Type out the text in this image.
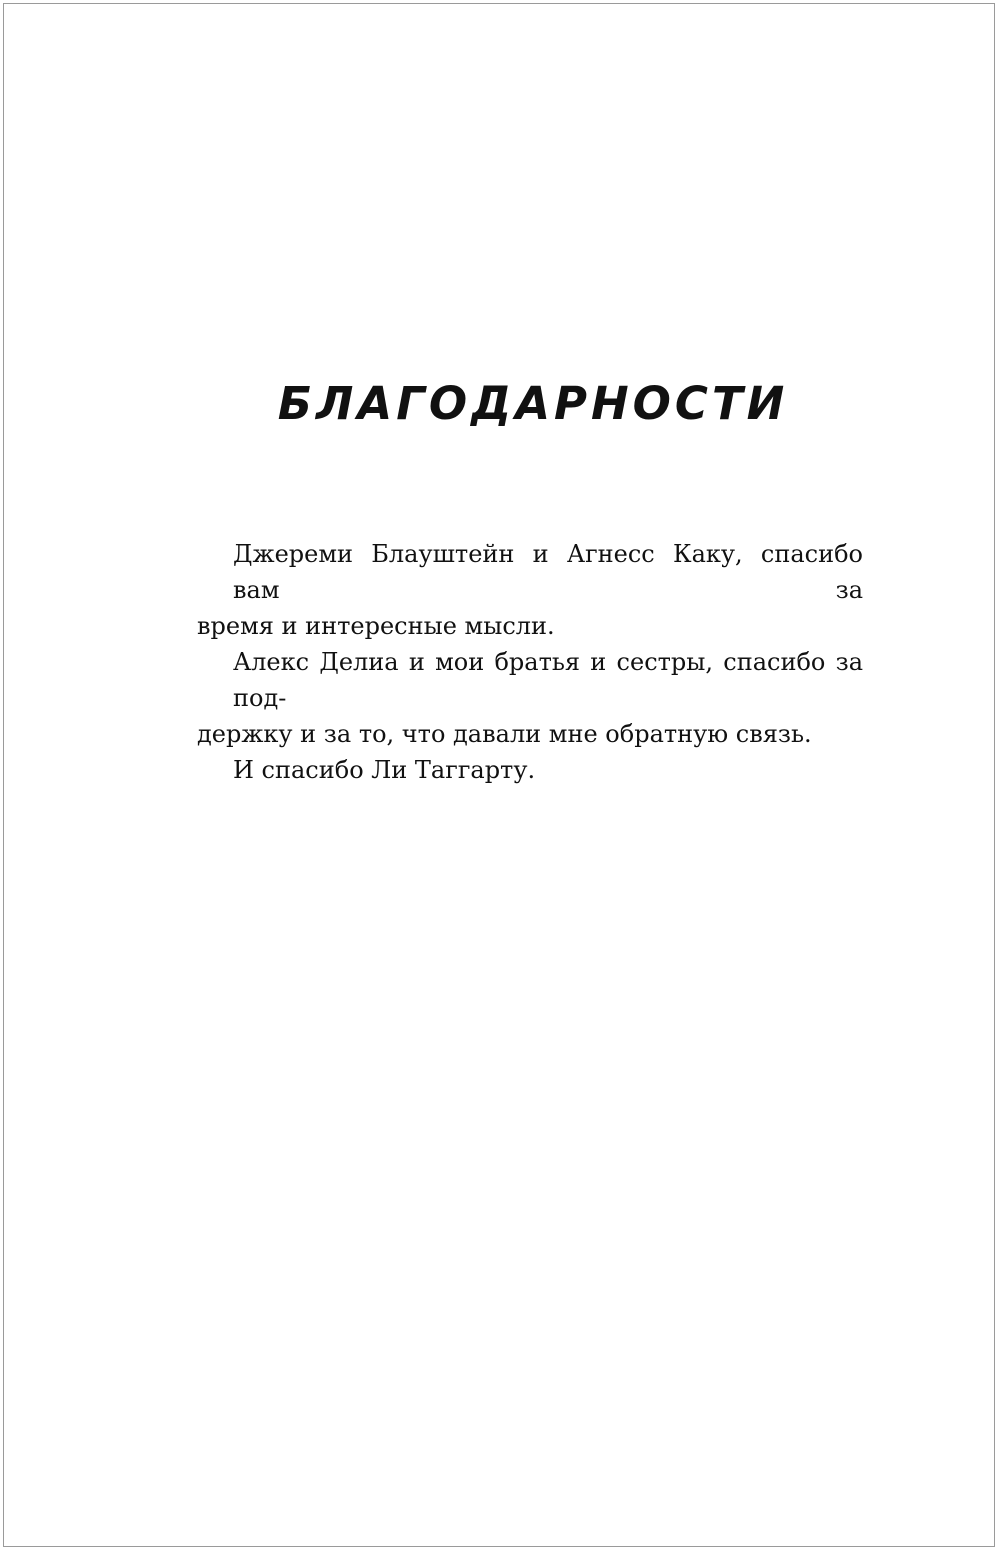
БЛАГОДАРНОСТИ
Джереми Блауштейн и Агнесс Каку, спасибо вам за
время и интересные мысли.
Алекс Делиа и мои братья и сестры, спасибо за под-
держку и за то, что давали мне обратную связь.
И спасибо Ли Таггарту.
